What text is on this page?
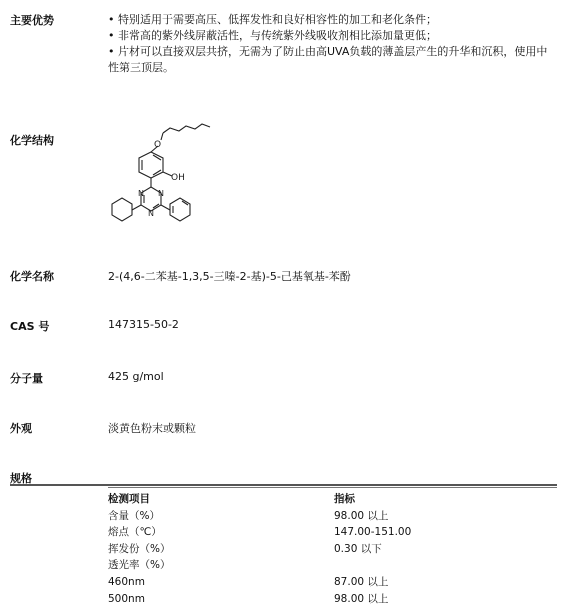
主要优势	• 特别适用于需要高压、低挥发性和良好相容性的加工和老化条件；
• 非常高的紫外线屏蔽活性，与传统紫外线吸收剂相比添加量更低；
• 片材可以直接双层共挤，无需为了防止由高UVA负载的薄盖层产生的升华和沉积，使用中性第三顶层。
化学结构	O
OH
N N
N
化学名称	2-(4,6-二苯基-1,3,5-三嗪-2-基)-5-己基氧基-苯酚
CAS 号	147315-50-2
分子量	425 g/mol
外观	淡黄色粉末或颗粒
规格
检测项目	指标
含量（%）	98.00 以上
熔点（℃）	147.00-151.00
挥发份（%）	0.30 以下
透光率（%）
460nm	87.00 以上
500nm	98.00 以上
